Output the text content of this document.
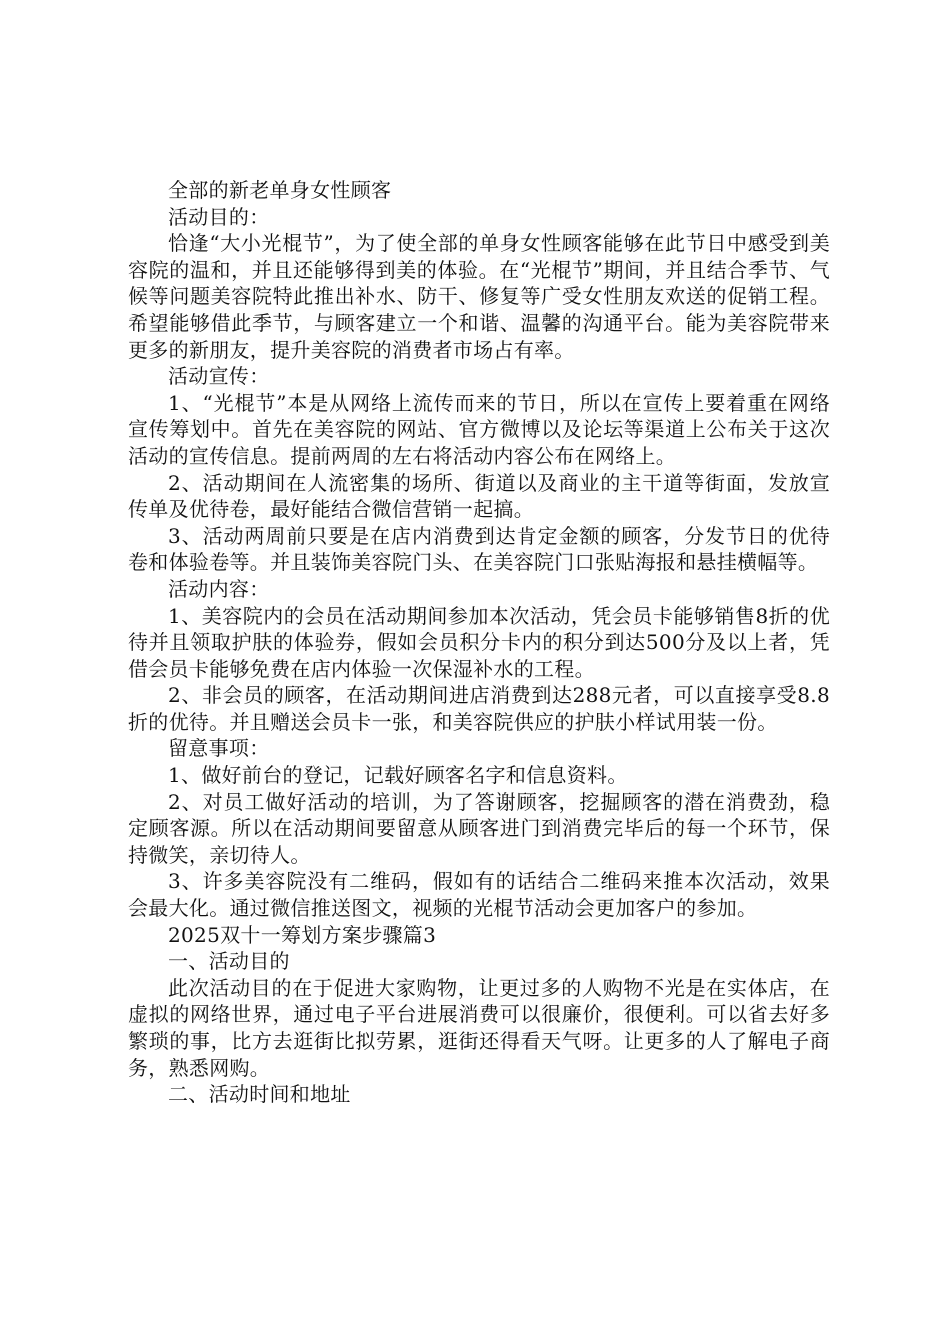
全部的新老单身女性顾客

活动目的：

恰逢“大小光棍节”，为了使全部的单身女性顾客能够在此节日中感受到美容院的温和，并且还能够得到美的体验。在“光棍节”期间，并且结合季节、气候等问题美容院特此推出补水、防干、修复等广受女性朋友欢送的促销工程。希望能够借此季节，与顾客建立一个和谐、温馨的沟通平台。能为美容院带来更多的新朋友，提升美容院的消费者市场占有率。

活动宣传：

1、“光棍节”本是从网络上流传而来的节日，所以在宣传上要着重在网络宣传筹划中。首先在美容院的网站、官方微博以及论坛等渠道上公布关于这次活动的宣传信息。提前两周的左右将活动内容公布在网络上。

2、活动期间在人流密集的场所、街道以及商业的主干道等街面，发放宣传单及优待卷，最好能结合微信营销一起搞。

3、活动两周前只要是在店内消费到达肯定金额的顾客，分发节日的优待卷和体验卷等。并且装饰美容院门头、在美容院门口张贴海报和悬挂横幅等。

活动内容：

1、美容院内的会员在活动期间参加本次活动，凭会员卡能够销售8折的优待并且领取护肤的体验券，假如会员积分卡内的积分到达500分及以上者，凭借会员卡能够免费在店内体验一次保湿补水的工程。

2、非会员的顾客，在活动期间进店消费到达288元者，可以直接享受8.8折的优待。并且赠送会员卡一张，和美容院供应的护肤小样试用装一份。

留意事项：

1、做好前台的登记，记载好顾客名字和信息资料。

2、对员工做好活动的培训，为了答谢顾客，挖掘顾客的潜在消费劲，稳定顾客源。所以在活动期间要留意从顾客进门到消费完毕后的每一个环节，保持微笑，亲切待人。

3、许多美容院没有二维码，假如有的话结合二维码来推本次活动，效果会最大化。通过微信推送图文，视频的光棍节活动会更加客户的参加。

2025双十一筹划方案步骤篇3

一、活动目的

此次活动目的在于促进大家购物，让更过多的人购物不光是在实体店，在虚拟的网络世界，通过电子平台进展消费可以很廉价，很便利。可以省去好多繁琐的事，比方去逛街比拟劳累，逛街还得看天气呀。让更多的人了解电子商务，熟悉网购。

二、活动时间和地址
